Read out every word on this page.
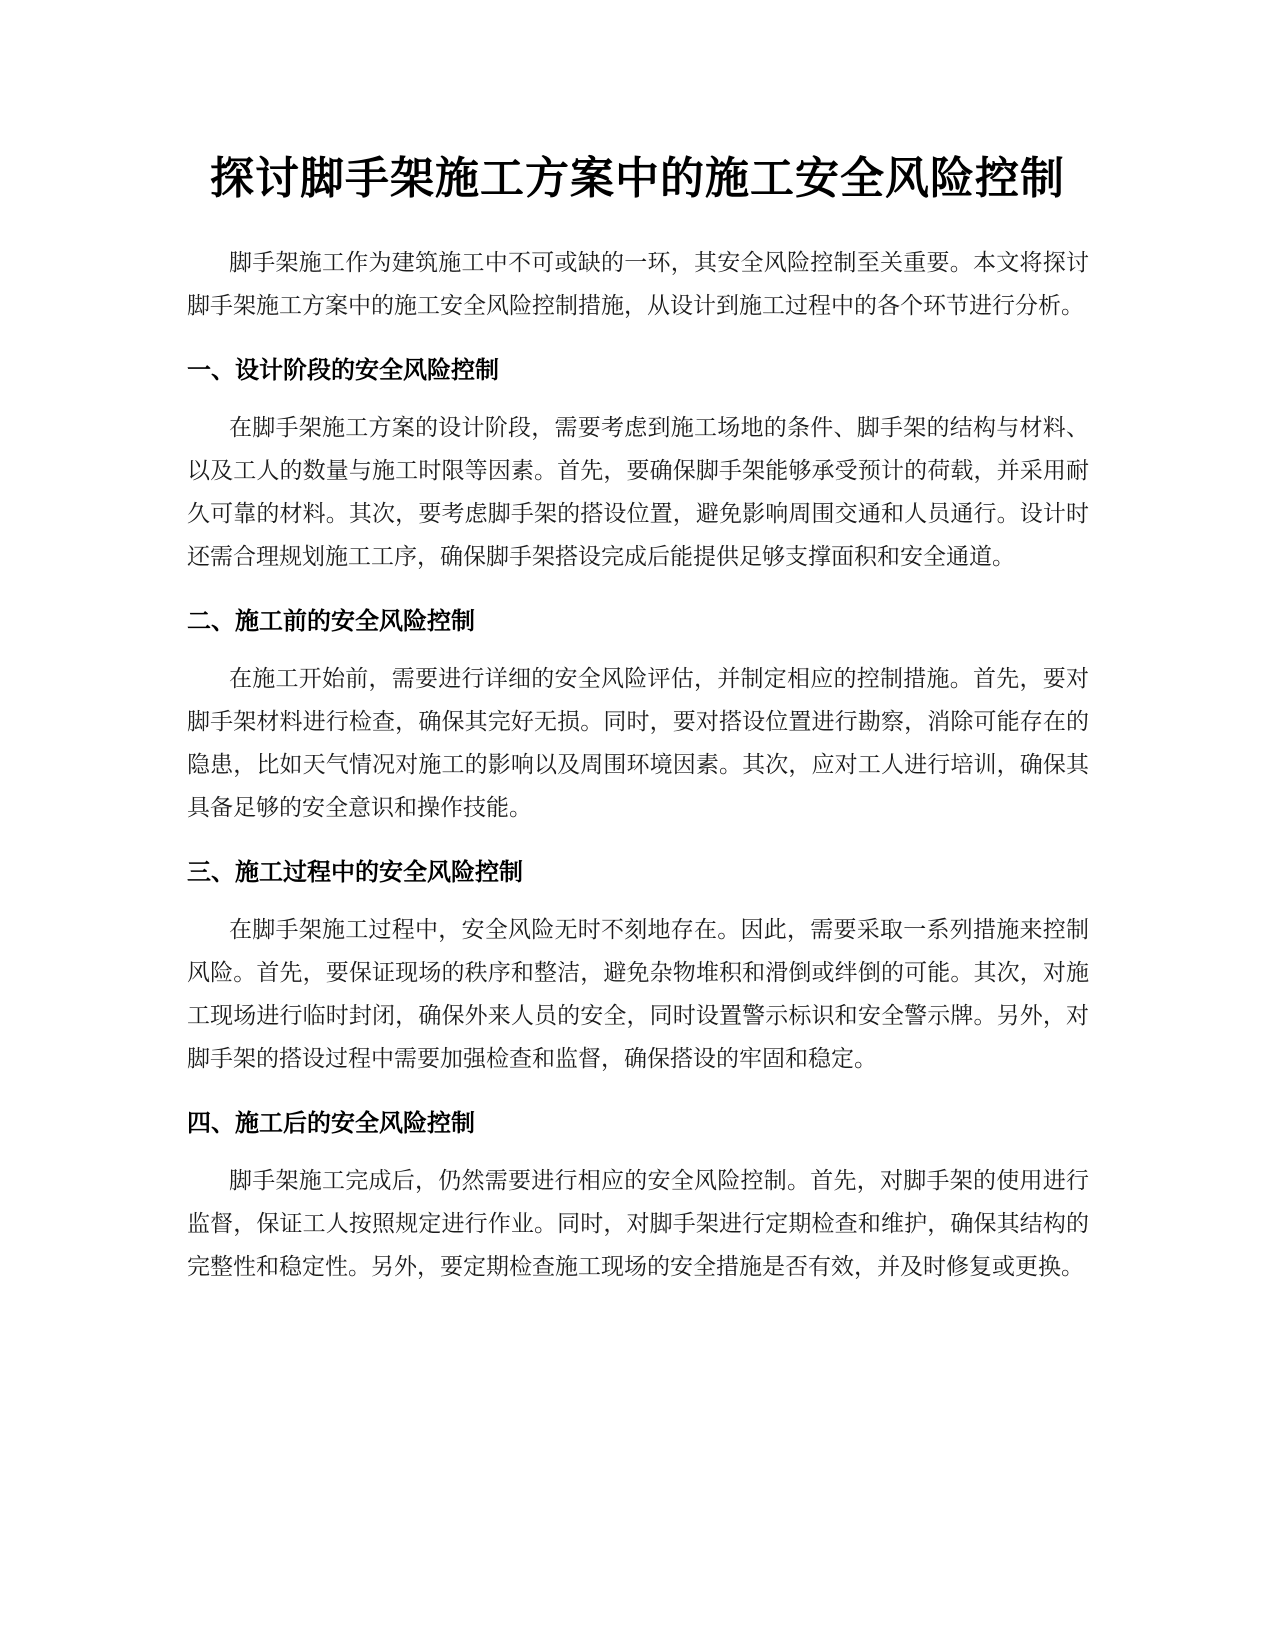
探讨脚手架施工方案中的施工安全风险控制

脚手架施工作为建筑施工中不可或缺的一环，其安全风险控制至关重要。本文将探讨脚手架施工方案中的施工安全风险控制措施，从设计到施工过程中的各个环节进行分析。

一、设计阶段的安全风险控制

在脚手架施工方案的设计阶段，需要考虑到施工场地的条件、脚手架的结构与材料、以及工人的数量与施工时限等因素。首先，要确保脚手架能够承受预计的荷载，并采用耐久可靠的材料。其次，要考虑脚手架的搭设位置，避免影响周围交通和人员通行。设计时还需合理规划施工工序，确保脚手架搭设完成后能提供足够支撑面积和安全通道。

二、施工前的安全风险控制

在施工开始前，需要进行详细的安全风险评估，并制定相应的控制措施。首先，要对脚手架材料进行检查，确保其完好无损。同时，要对搭设位置进行勘察，消除可能存在的隐患，比如天气情况对施工的影响以及周围环境因素。其次，应对工人进行培训，确保其具备足够的安全意识和操作技能。

三、施工过程中的安全风险控制

在脚手架施工过程中，安全风险无时不刻地存在。因此，需要采取一系列措施来控制风险。首先，要保证现场的秩序和整洁，避免杂物堆积和滑倒或绊倒的可能。其次，对施工现场进行临时封闭，确保外来人员的安全，同时设置警示标识和安全警示牌。另外，对脚手架的搭设过程中需要加强检查和监督，确保搭设的牢固和稳定。

四、施工后的安全风险控制

脚手架施工完成后，仍然需要进行相应的安全风险控制。首先，对脚手架的使用进行监督，保证工人按照规定进行作业。同时，对脚手架进行定期检查和维护，确保其结构的完整性和稳定性。另外，要定期检查施工现场的安全措施是否有效，并及时修复或更换。
